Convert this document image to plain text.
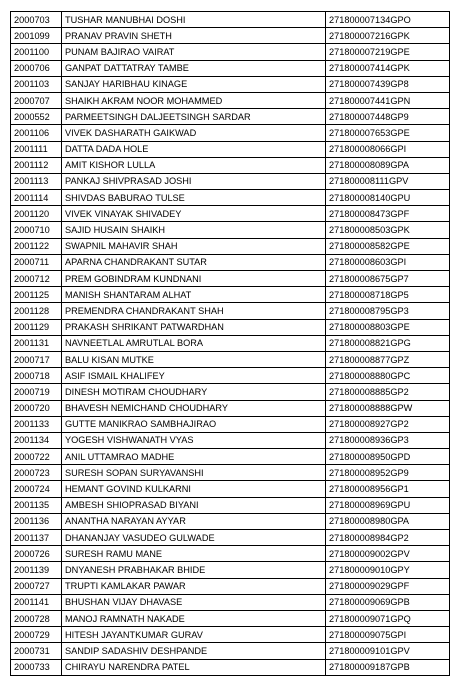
2000703	TUSHAR MANUBHAI DOSHI	271800007134GPO
2001099	PRANAV PRAVIN SHETH	271800007216GPK
2001100	PUNAM BAJIRAO VAIRAT	271800007219GPE
2000706	GANPAT DATTATRAY TAMBE	271800007414GPK
2001103	SANJAY HARIBHAU KINAGE	271800007439GP8
2000707	SHAIKH AKRAM NOOR MOHAMMED	271800007441GPN
2000552	PARMEETSINGH DALJEETSINGH SARDAR	271800007448GP9
2001106	VIVEK DASHARATH GAIKWAD	271800007653GPE
2001111	DATTA DADA HOLE	271800008066GPI
2001112	AMIT KISHOR LULLA	271800008089GPA
2001113	PANKAJ SHIVPRASAD JOSHI	271800008111GPV
2001114	SHIVDAS BABURAO TULSE	271800008140GPU
2001120	VIVEK VINAYAK SHIVADEY	271800008473GPF
2000710	SAJID HUSAIN SHAIKH	271800008503GPK
2001122	SWAPNIL MAHAVIR SHAH	271800008582GPE
2000711	APARNA CHANDRAKANT SUTAR	271800008603GPI
2000712	PREM GOBINDRAM KUNDNANI	271800008675GP7
2001125	MANISH SHANTARAM ALHAT	271800008718GP5
2001128	PREMENDRA CHANDRAKANT SHAH	271800008795GP3
2001129	PRAKASH SHRIKANT PATWARDHAN	271800008803GPE
2001131	NAVNEETLAL AMRUTLAL BORA	271800008821GPG
2000717	BALU KISAN MUTKE	271800008877GPZ
2000718	ASIF ISMAIL KHALIFEY	271800008880GPC
2000719	DINESH MOTIRAM CHOUDHARY	271800008885GP2
2000720	BHAVESH NEMICHAND CHOUDHARY	271800008888GPW
2001133	GUTTE MANIKRAO SAMBHAJIRAO	271800008927GP2
2001134	YOGESH VISHWANATH VYAS	271800008936GP3
2000722	ANIL UTTAMRAO MADHE	271800008950GPD
2000723	SURESH SOPAN SURYAVANSHI	271800008952GP9
2000724	HEMANT GOVIND KULKARNI	271800008956GP1
2001135	AMBESH SHIOPRASAD BIYANI	271800008969GPU
2001136	ANANTHA NARAYAN AYYAR	271800008980GPA
2001137	DHANANJAY VASUDEO GULWADE	271800008984GP2
2000726	SURESH RAMU MANE	271800009002GPV
2001139	DNYANESH PRABHAKAR BHIDE	271800009010GPY
2000727	TRUPTI KAMLAKAR PAWAR	271800009029GPF
2001141	BHUSHAN VIJAY DHAVASE	271800009069GPB
2000728	MANOJ RAMNATH NAKADE	271800009071GPQ
2000729	HITESH JAYANTKUMAR GURAV	271800009075GPI
2000731	SANDIP SADASHIV DESHPANDE	271800009101GPV
2000733	CHIRAYU NARENDRA PATEL	271800009187GPB
